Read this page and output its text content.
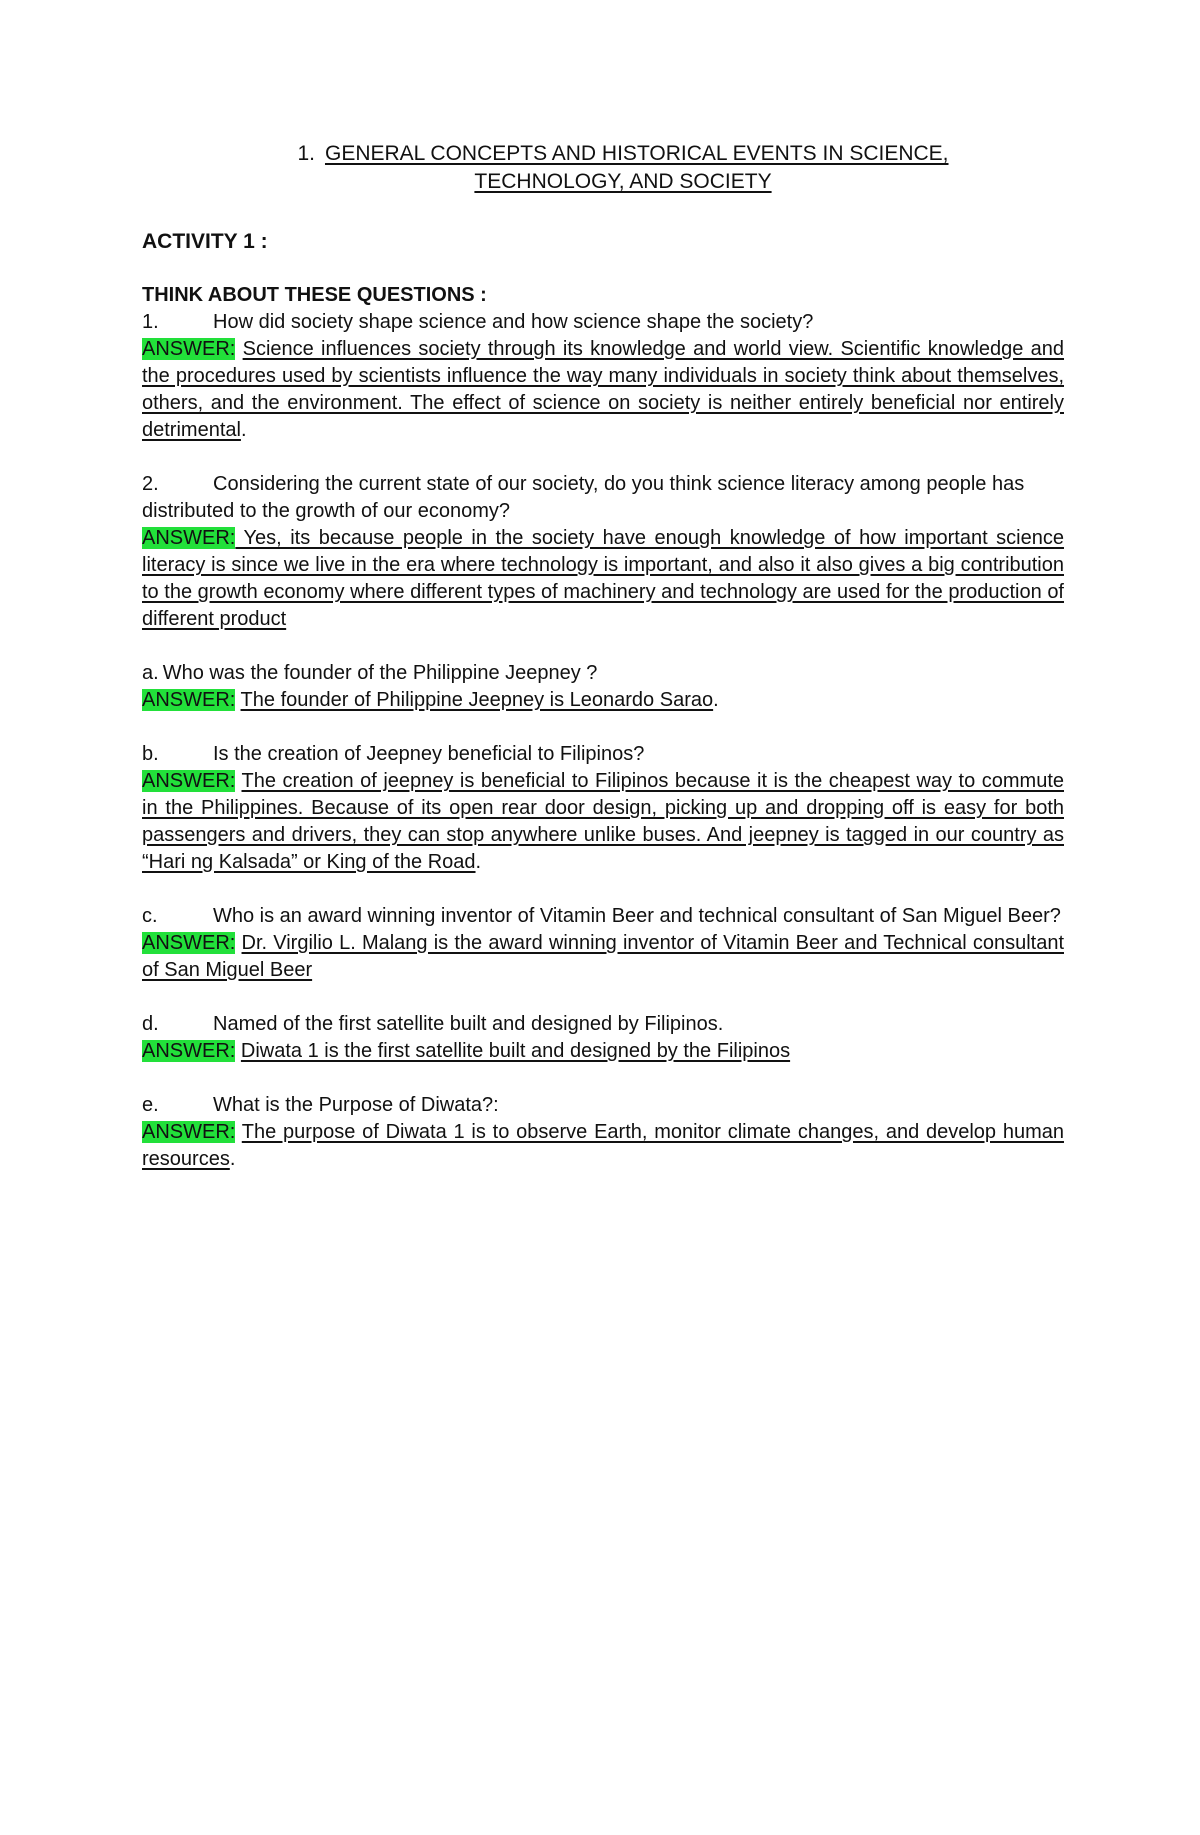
1. GENERAL CONCEPTS AND HISTORICAL EVENTS IN SCIENCE,
TECHNOLOGY, AND SOCIETY
ACTIVITY 1 :
THINK ABOUT THESE QUESTIONS :

1.	How did society shape science and how science shape the society?

ANSWER: Science influences society through its knowledge and world view. Scientific knowledge and the procedures used by scientists influence the way many individuals in society think about themselves, others, and the environment. The effect of science on society is neither entirely beneficial nor entirely detrimental.

2.	Considering the current state of our society, do you think science literacy among people has distributed to the growth of our economy?

ANSWER: Yes, its because people in the society have enough knowledge of how important science literacy is since we live in the era where technology is important, and also it also gives a big contribution to the growth economy where different types of machinery and technology are used for the production of different product

a. Who was the founder of the Philippine Jeepney ?

ANSWER: The founder of Philippine Jeepney is Leonardo Sarao.

b.	Is the creation of Jeepney beneficial to Filipinos?

ANSWER: The creation of jeepney is beneficial to Filipinos because it is the cheapest way to commute in the Philippines. Because of its open rear door design, picking up and dropping off is easy for both passengers and drivers, they can stop anywhere unlike buses. And jeepney is tagged in our country as “Hari ng Kalsada” or King of the Road.

c.	Who is an award winning inventor of Vitamin Beer and technical consultant of San Miguel Beer?

ANSWER: Dr. Virgilio L. Malang is the award winning inventor of Vitamin Beer and Technical consultant of San Miguel Beer

d.	Named of the first satellite built and designed by Filipinos.

ANSWER: Diwata 1 is the first satellite built and designed by the Filipinos

e.	What is the Purpose of Diwata?:

ANSWER: The purpose of Diwata 1 is to observe Earth, monitor climate changes, and develop human resources.
